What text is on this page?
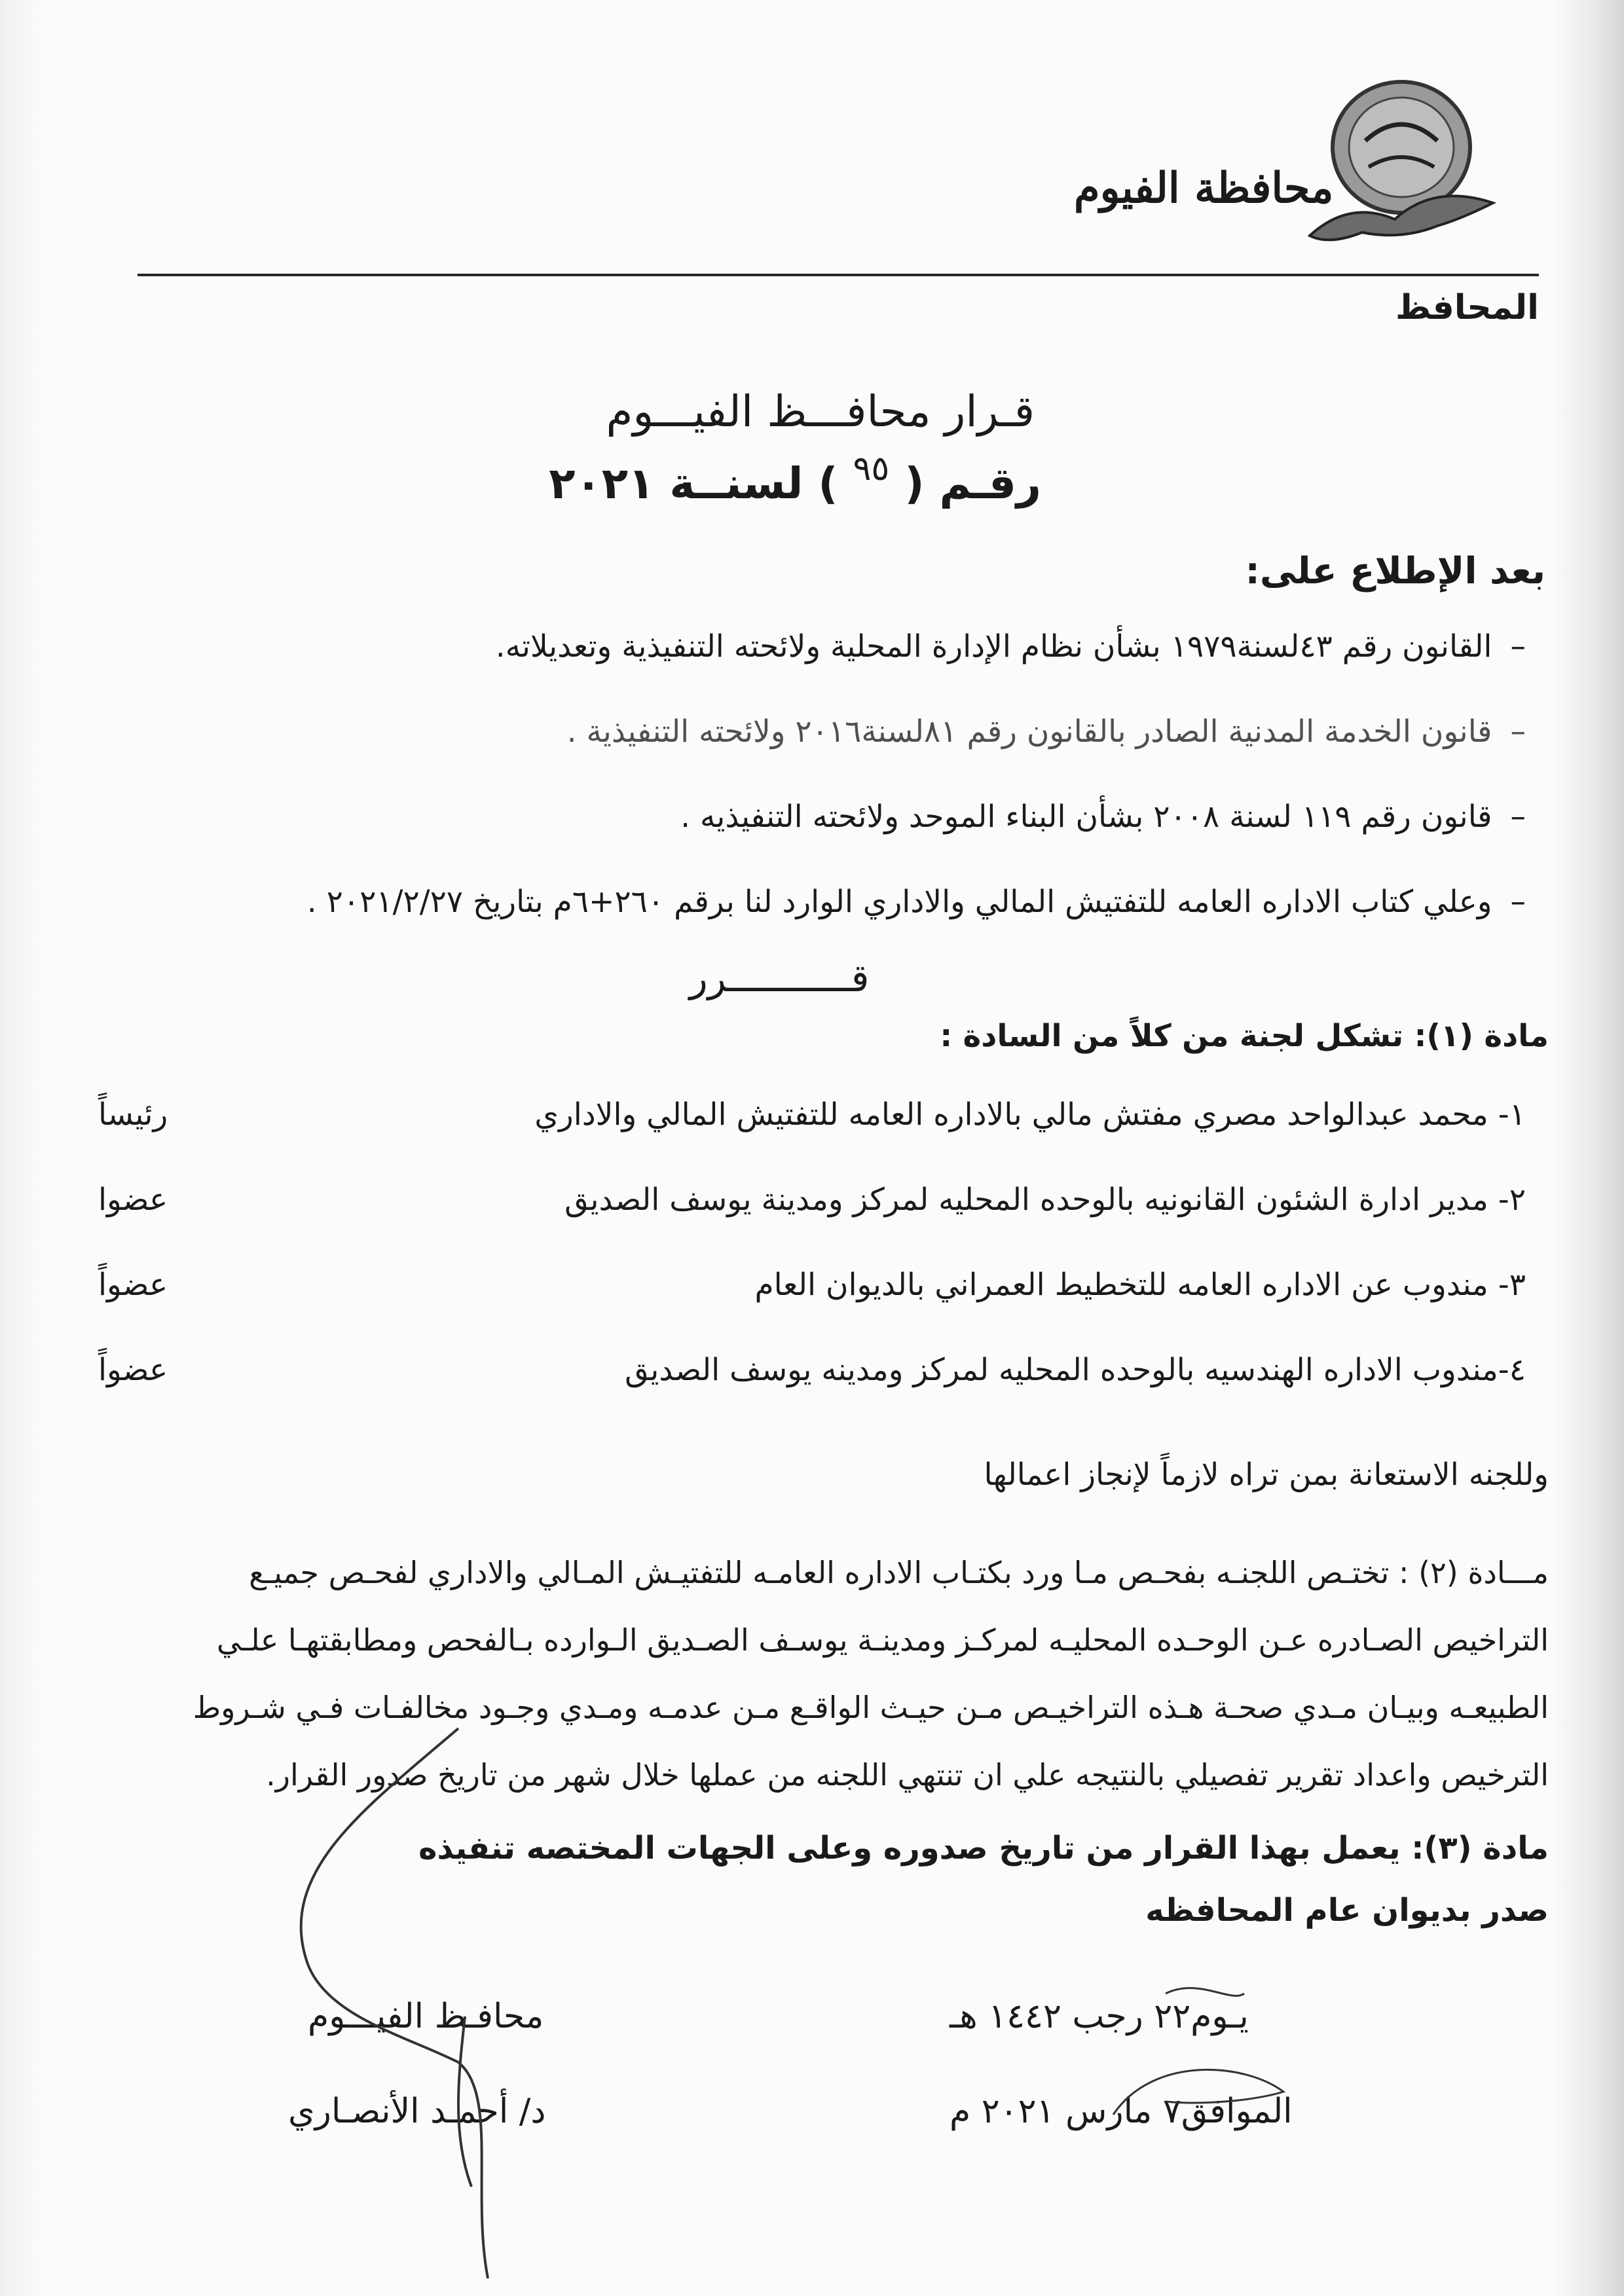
محافظة الفيوم
المحافظ
قـرار محافـــظ الفيـــوم
رقـم ( $^{٩٥}$ ) لسنــة ٢٠٢١
بعد الإطلاع على:
–القانون رقم ٤٣لسنة١٩٧٩ بشأن نظام الإدارة المحلية ولائحته التنفيذية وتعديلاته.
–قانون الخدمة المدنية الصادر بالقانون رقم ٨١لسنة٢٠١٦ ولائحته التنفيذية .
–قانون رقم ١١٩ لسنة ٢٠٠٨ بشأن البناء الموحد ولائحته التنفيذيه .
–وعلي كتاب الاداره العامه للتفتيش المالي والاداري الوارد لنا برقم ٢٦٠+٦م بتاريخ ٢٠٢١/٢/٢٧ .
قـــــــــــرر
مادة (١): تشكل لجنة من كلاً من السادة :
١- محمد عبدالواحد مصري مفتش مالي بالاداره العامه للتفتيش المالي والاداري
رئيساً
٢- مدير ادارة الشئون القانونيه بالوحده المحليه لمركز ومدينة يوسف الصديق
عضوا
٣- مندوب عن الاداره العامه للتخطيط العمراني بالديوان العام
عضواً
٤-مندوب الاداره الهندسيه بالوحده المحليه لمركز ومدينه يوسف الصديق
عضواً
وللجنه الاستعانة بمن تراه لازماً لإنجاز اعمالها
مـــادة (٢) : تختـص اللجنـه بفحـص مـا ورد بكتـاب الاداره العامـه للتفتيـش المـالي والاداري لفحـص جميـع
التراخيص الصـادره عـن الوحـده المحليـه لمركـز ومدينـة يوسـف الصـديق الـوارده بـالفحص ومطابقتهـا علـي
الطبيعـه وبيـان مـدي صحـة هـذه التراخيـص مـن حيـث الواقـع مـن عدمـه ومـدي وجـود مخالفـات فـي شـروط
الترخيص واعداد تقرير تفصيلي بالنتيجه علي ان تنتهي اللجنه من عملها خلال شهر من تاريخ صدور القرار.
مادة (٣): يعمل بهذا القرار من تاريخ صدوره وعلى الجهات المختصه تنفيذه
صدر بديوان عام المحافظه
محافـظ الفيـــوم
د/ أحمـد الأنصـاري
يـوم٢٢ رجب ١٤٤٢ هـ
الموافق٧ مارس ٢٠٢١ م
